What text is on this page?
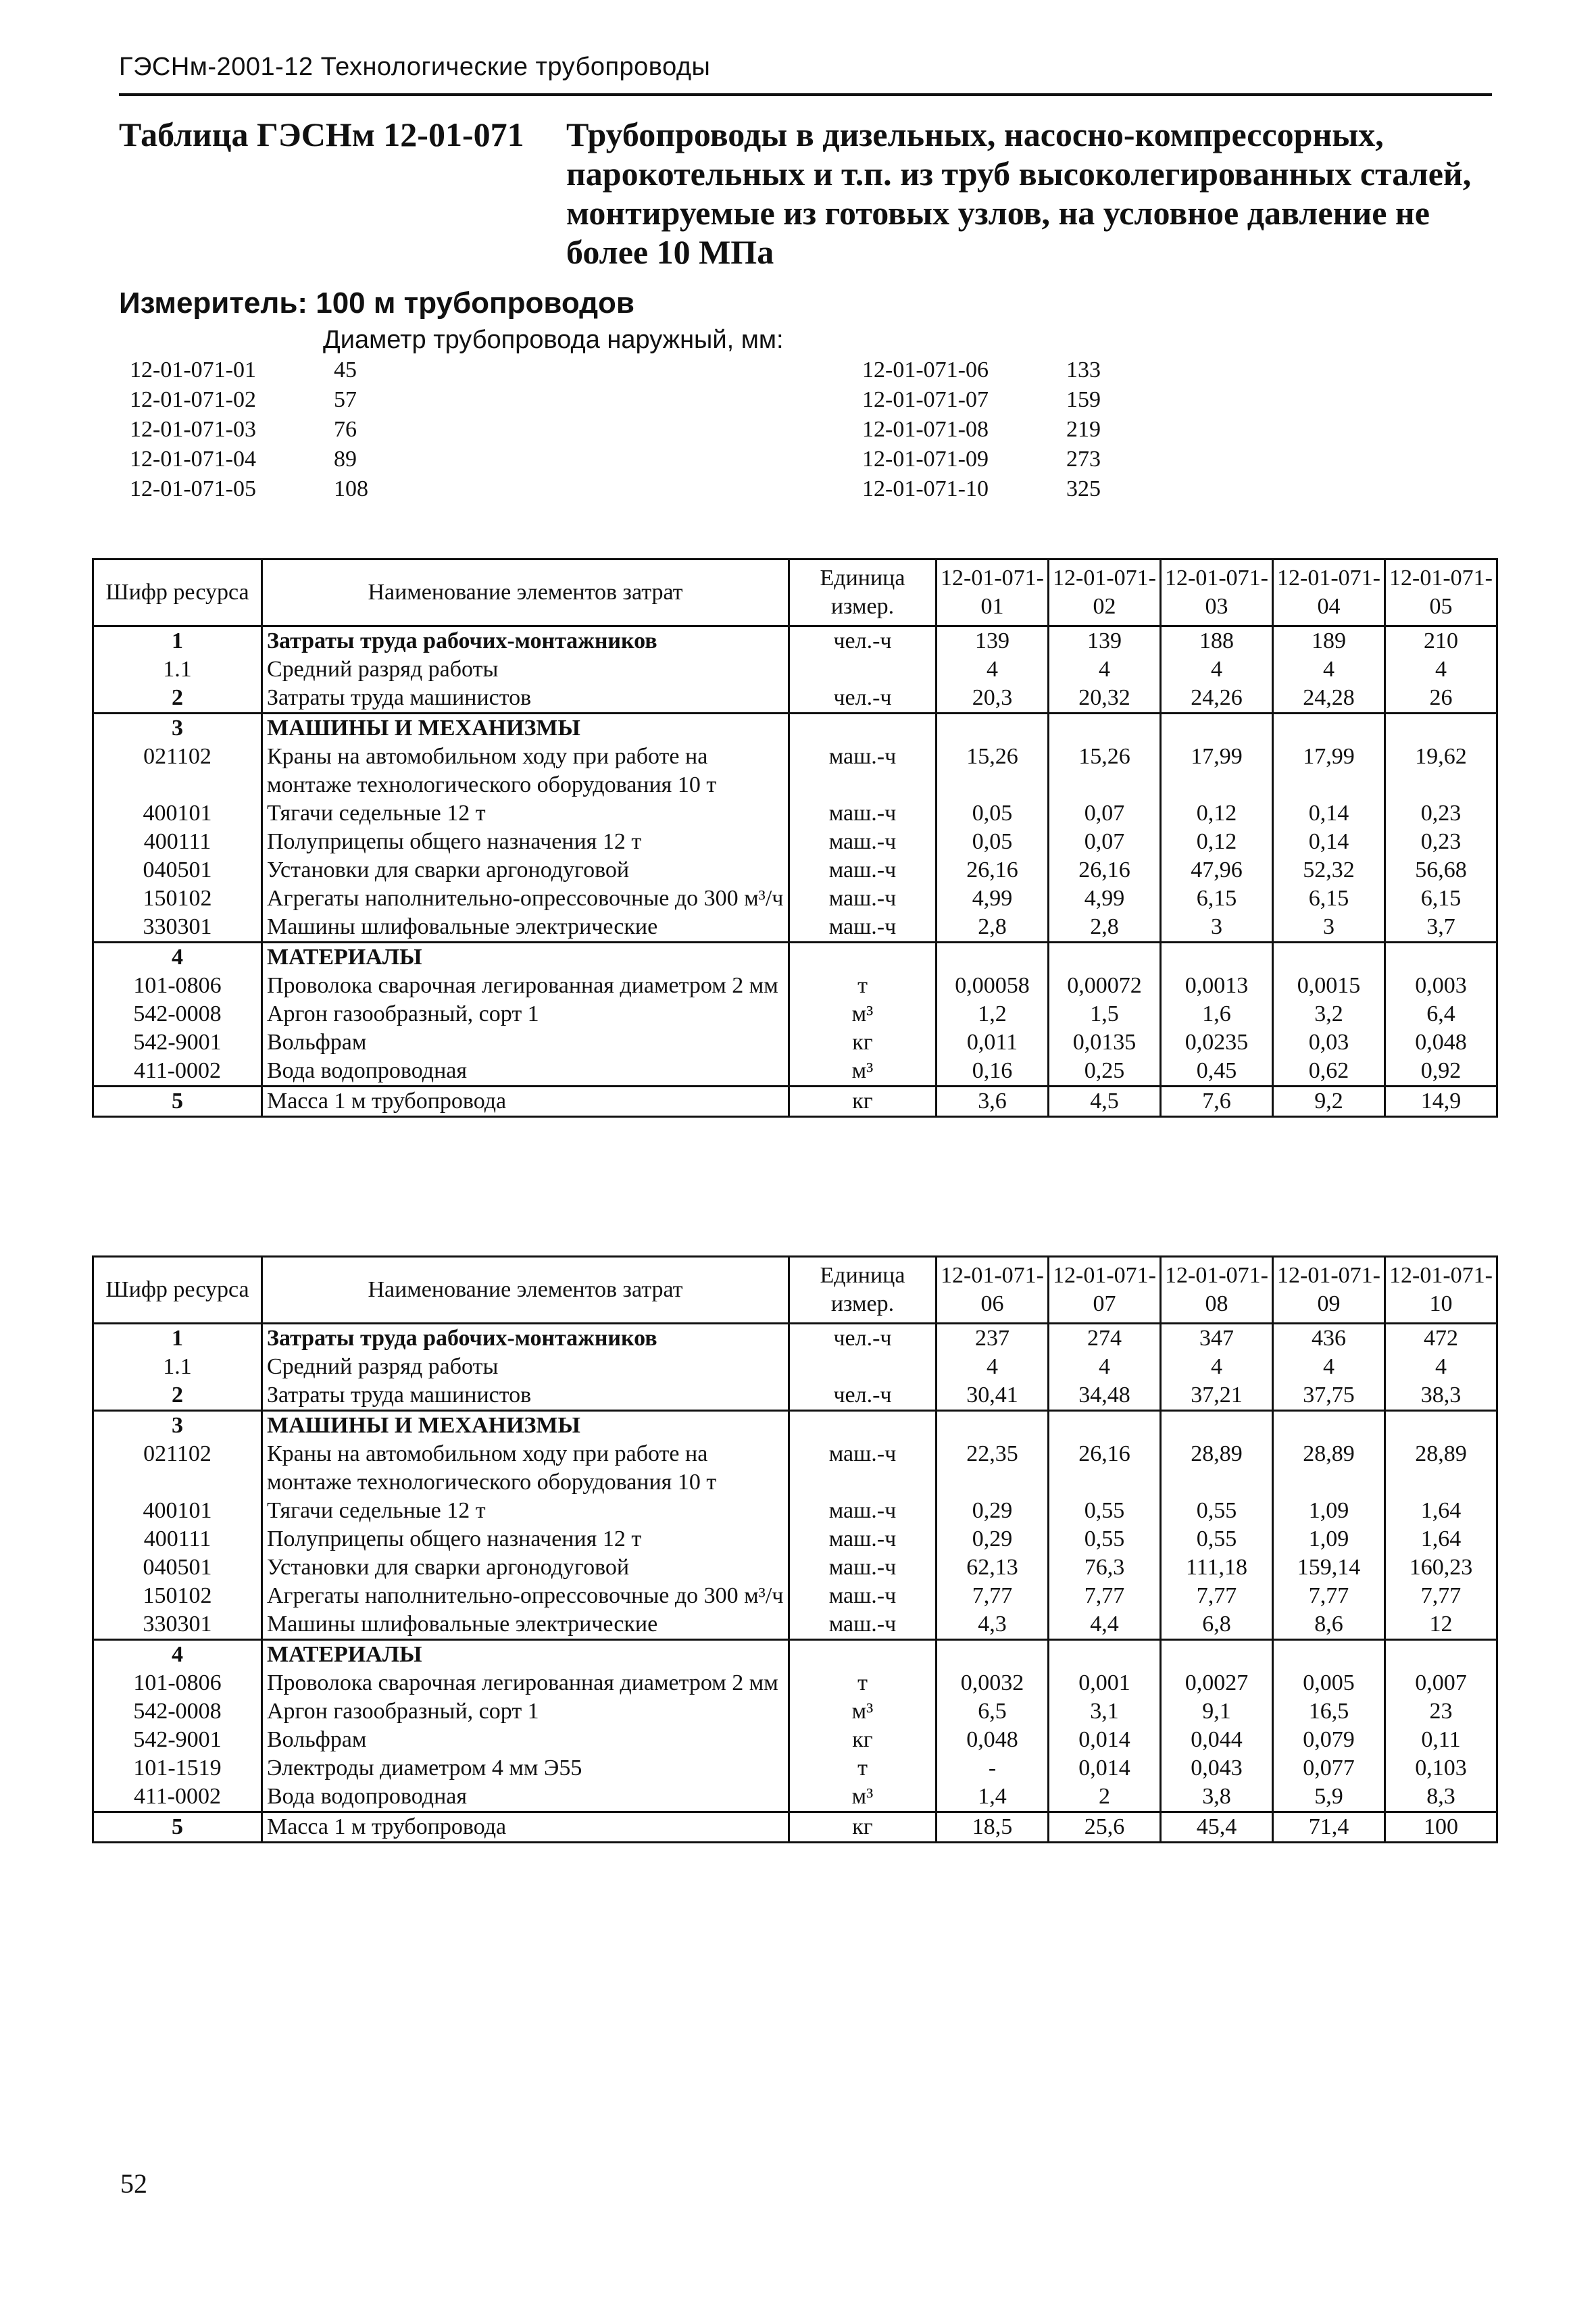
ГЭСНм-2001-12 Технологические трубопроводы
Таблица ГЭСНм 12-01-071 Трубопроводы в дизельных, насосно-компрессорных, парокотельных и т.п. из труб высоколегированных сталей, монтируемые из готовых узлов, на условное давление не более 10 МПа
Измеритель: 100 м трубопроводов
Диаметр трубопровода наружный, мм:
12-01-071-01	45
12-01-071-02	57
12-01-071-03	76
12-01-071-04	89
12-01-071-05	108
12-01-071-06	133
12-01-071-07	159
12-01-071-08	219
12-01-071-09	273
12-01-071-10	325
Шифр ресурса	Наименование элементов затрат	Единица измер.	12-01-071-01	12-01-071-02	12-01-071-03	12-01-071-04	12-01-071-05
1	Затраты труда рабочих-монтажников	чел.-ч	139	139	188	189	210
1.1	Средний разряд работы		4	4	4	4	4
2	Затраты труда машинистов	чел.-ч	20,3	20,32	24,26	24,28	26
3	МАШИНЫ И МЕХАНИЗМЫ						
021102	Краны на автомобильном ходу при работе на монтаже технологического оборудования 10 т	маш.-ч	15,26	15,26	17,99	17,99	19,62
400101	Тягачи седельные 12 т	маш.-ч	0,05	0,07	0,12	0,14	0,23
400111	Полуприцепы общего назначения 12 т	маш.-ч	0,05	0,07	0,12	0,14	0,23
040501	Установки для сварки аргонодуговой	маш.-ч	26,16	26,16	47,96	52,32	56,68
150102	Агрегаты наполнительно-опрессовочные до 300 м³/ч	маш.-ч	4,99	4,99	6,15	6,15	6,15
330301	Машины шлифовальные электрические	маш.-ч	2,8	2,8	3	3	3,7
4	МАТЕРИАЛЫ						
101-0806	Проволока сварочная легированная диаметром 2 мм	т	0,00058	0,00072	0,0013	0,0015	0,003
542-0008	Аргон газообразный, сорт 1	м³	1,2	1,5	1,6	3,2	6,4
542-9001	Вольфрам	кг	0,011	0,0135	0,0235	0,03	0,048
411-0002	Вода водопроводная	м³	0,16	0,25	0,45	0,62	0,92
5	Масса 1 м трубопровода	кг	3,6	4,5	7,6	9,2	14,9
Шифр ресурса	Наименование элементов затрат	Единица измер.	12-01-071-06	12-01-071-07	12-01-071-08	12-01-071-09	12-01-071-10
1	Затраты труда рабочих-монтажников	чел.-ч	237	274	347	436	472
1.1	Средний разряд работы		4	4	4	4	4
2	Затраты труда машинистов	чел.-ч	30,41	34,48	37,21	37,75	38,3
3	МАШИНЫ И МЕХАНИЗМЫ						
021102	Краны на автомобильном ходу при работе на монтаже технологического оборудования 10 т	маш.-ч	22,35	26,16	28,89	28,89	28,89
400101	Тягачи седельные 12 т	маш.-ч	0,29	0,55	0,55	1,09	1,64
400111	Полуприцепы общего назначения 12 т	маш.-ч	0,29	0,55	0,55	1,09	1,64
040501	Установки для сварки аргонодуговой	маш.-ч	62,13	76,3	111,18	159,14	160,23
150102	Агрегаты наполнительно-опрессовочные до 300 м³/ч	маш.-ч	7,77	7,77	7,77	7,77	7,77
330301	Машины шлифовальные электрические	маш.-ч	4,3	4,4	6,8	8,6	12
4	МАТЕРИАЛЫ						
101-0806	Проволока сварочная легированная диаметром 2 мм	т	0,0032	0,001	0,0027	0,005	0,007
542-0008	Аргон газообразный, сорт 1	м³	6,5	3,1	9,1	16,5	23
542-9001	Вольфрам	кг	0,048	0,014	0,044	0,079	0,11
101-1519	Электроды диаметром 4 мм Э55	т	-	0,014	0,043	0,077	0,103
411-0002	Вода водопроводная	м³	1,4	2	3,8	5,9	8,3
5	Масса 1 м трубопровода	кг	18,5	25,6	45,4	71,4	100
52
